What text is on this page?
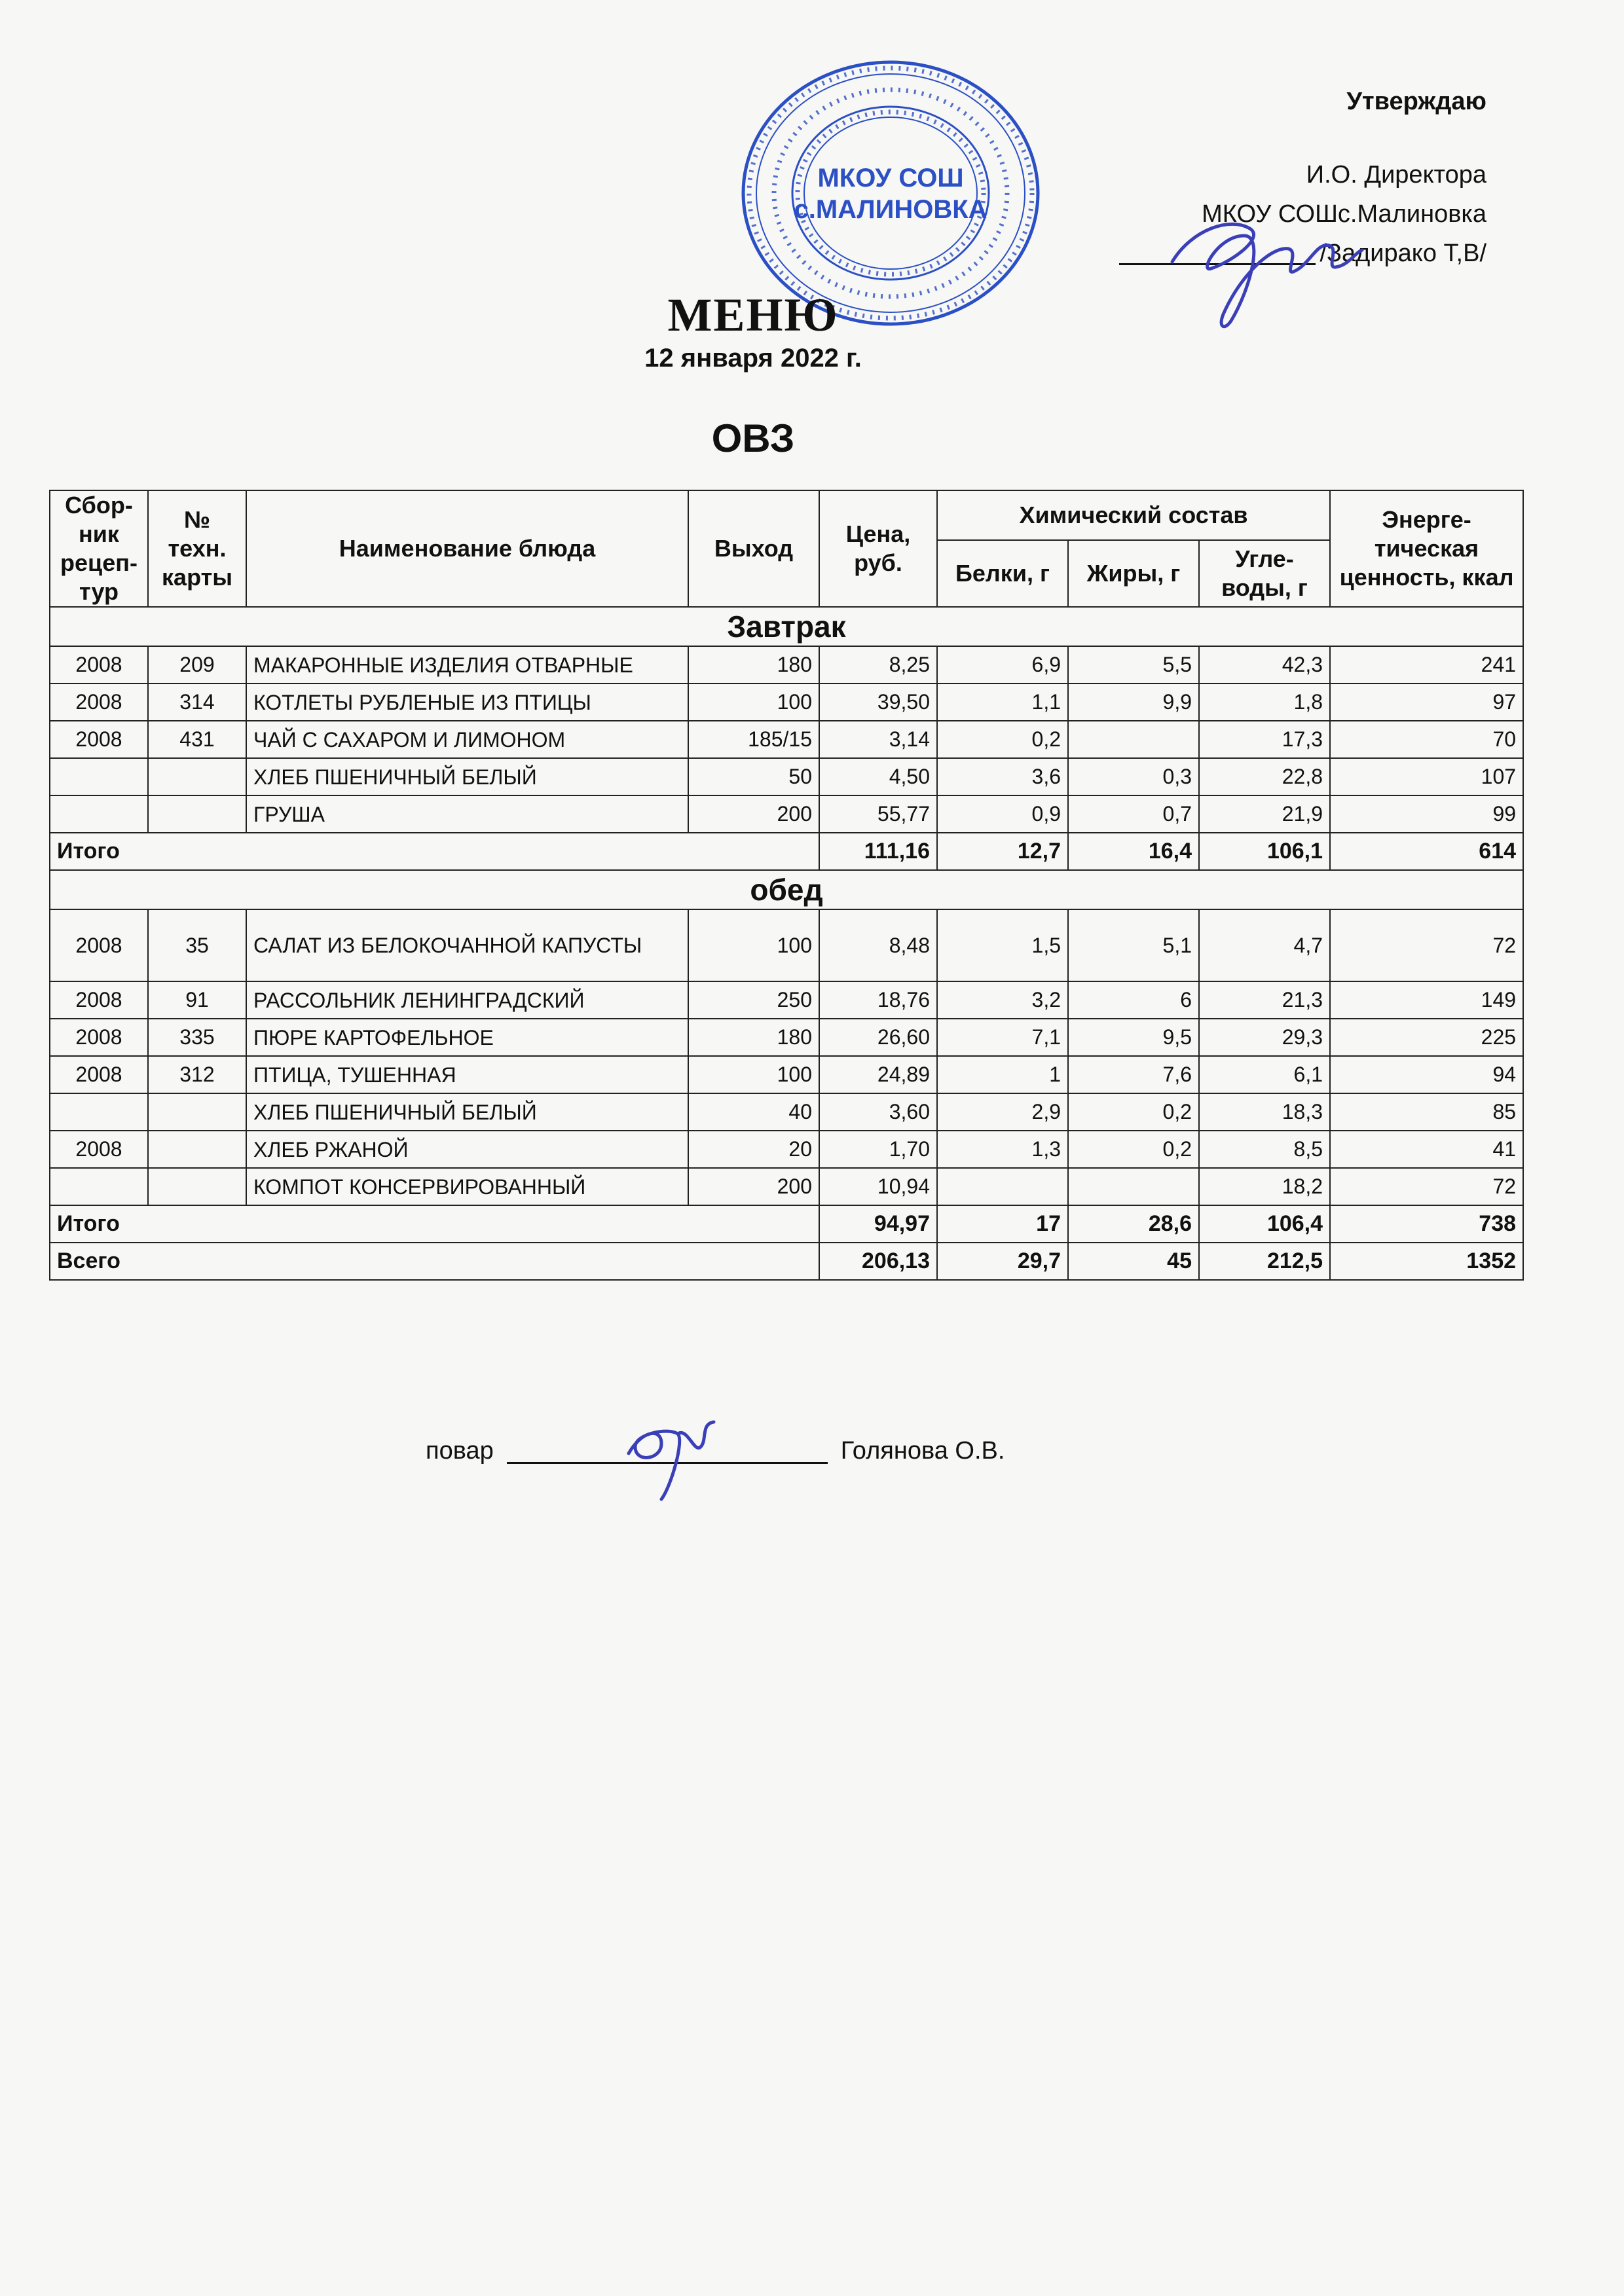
МКОУ СОШ
с.МАЛИНОВКА
Утверждаю
И.О. Директора
МКОУ СОШс.Малиновка
/Задирако Т,В/
МЕНЮ
12 января 2022 г.
ОВЗ
Сбор-ник рецеп-тур	№ техн. карты	Наименование блюда	Выход	Цена, руб.	Химический состав			Энерге-тическая ценность, ккал
					Белки, г	Жиры, г	Угле-воды, г	
Завтрак								
2008	209	МАКАРОННЫЕ ИЗДЕЛИЯ ОТВАРНЫЕ	180	8,25	6,9	5,5	42,3	241
2008	314	КОТЛЕТЫ РУБЛЕНЫЕ ИЗ ПТИЦЫ	100	39,50	1,1	9,9	1,8	97
2008	431	ЧАЙ С САХАРОМ И ЛИМОНОМ	185/15	3,14	0,2		17,3	70
		ХЛЕБ ПШЕНИЧНЫЙ БЕЛЫЙ	50	4,50	3,6	0,3	22,8	107
		ГРУША	200	55,77	0,9	0,7	21,9	99
Итого				111,16	12,7	16,4	106,1	614
обед								
2008	35	САЛАТ ИЗ БЕЛОКОЧАННОЙ КАПУСТЫ	100	8,48	1,5	5,1	4,7	72
2008	91	РАССОЛЬНИК ЛЕНИНГРАДСКИЙ	250	18,76	3,2	6	21,3	149
2008	335	ПЮРЕ КАРТОФЕЛЬНОЕ	180	26,60	7,1	9,5	29,3	225
2008	312	ПТИЦА, ТУШЕННАЯ	100	24,89	1	7,6	6,1	94
		ХЛЕБ ПШЕНИЧНЫЙ БЕЛЫЙ	40	3,60	2,9	0,2	18,3	85
2008		ХЛЕБ РЖАНОЙ	20	1,70	1,3	0,2	8,5	41
		КОМПОТ КОНСЕРВИРОВАННЫЙ	200	10,94			18,2	72
Итого				94,97	17	28,6	106,4	738
Всего				206,13	29,7	45	212,5	1352
повар	Голянова О.В.
